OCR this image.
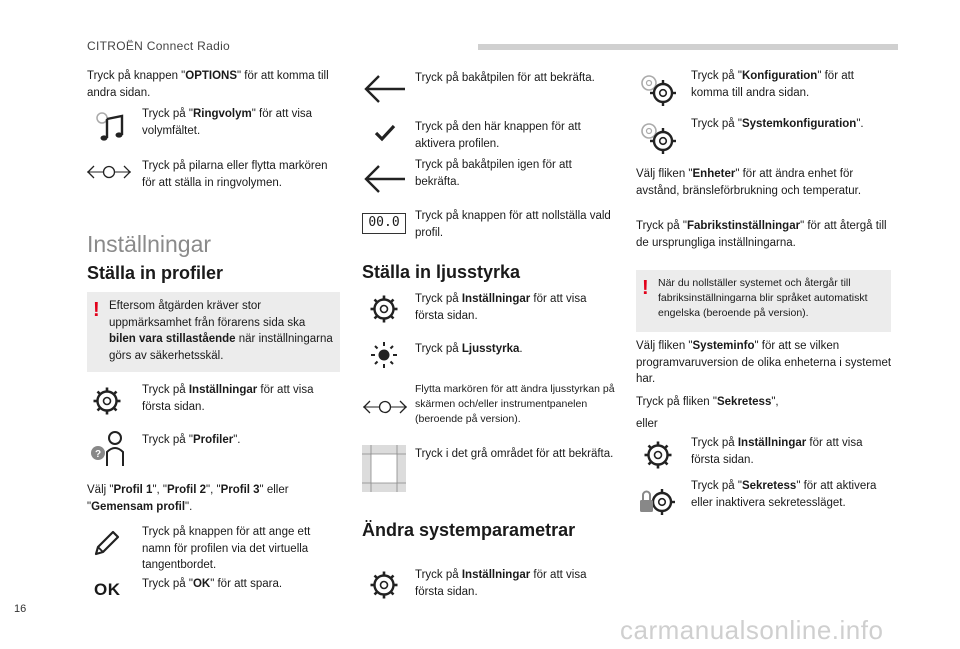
CITROËN Connect Radio
Tryck på knappen "OPTIONS" för att komma till andra sidan.
Tryck på "Ringvolym" för att visa volymfältet.
Tryck på pilarna eller flytta markören för att ställa in ringvolymen.
Inställningar
Ställa in profiler
! Eftersom åtgärden kräver stor uppmärksamhet från förarens sida ska bilen vara stillastående när inställningarna görs av säkerhetsskäl.
Tryck på Inställningar för att visa första sidan.
?
Tryck på "Profiler".
Välj "Profil 1", "Profil 2", "Profil 3" eller "Gemensam profil".
Tryck på knappen för att ange ett namn för profilen via det virtuella tangentbordet.
OK Tryck på "OK" för att spara.
Tryck på bakåtpilen för att bekräfta.
Tryck på den här knappen för att aktivera profilen.
Tryck på bakåtpilen igen för att bekräfta.
00.0	Tryck på knappen för att nollställa vald profil.
Ställa in ljusstyrka
Tryck på Inställningar för att visa första sidan.
Tryck på Ljusstyrka.
Flytta markören för att ändra ljusstyrkan på skärmen och/eller instrumentpanelen (beroende på version).
Tryck i det grå området för att bekräfta.
Ändra systemparametrar
Tryck på Inställningar för att visa första sidan.
Tryck på "Konfiguration" för att komma till andra sidan.
Tryck på "Systemkonfiguration".
Välj fliken "Enheter" för att ändra enhet för avstånd, bränsleförbrukning och temperatur.
Tryck på "Fabrikstinställningar" för att återgå till de ursprungliga inställningarna.
! När du nollställer systemet och återgår till fabriksinställningarna blir språket automatiskt engelska (beroende på version).
Välj fliken "Systeminfo" för att se vilken programvaruversion de olika enheterna i systemet har.
Tryck på fliken "Sekretess",
eller
Tryck på Inställningar för att visa första sidan.
Tryck på "Sekretess" för att aktivera eller inaktivera sekretessläget.
16
carmanualsonline.info
